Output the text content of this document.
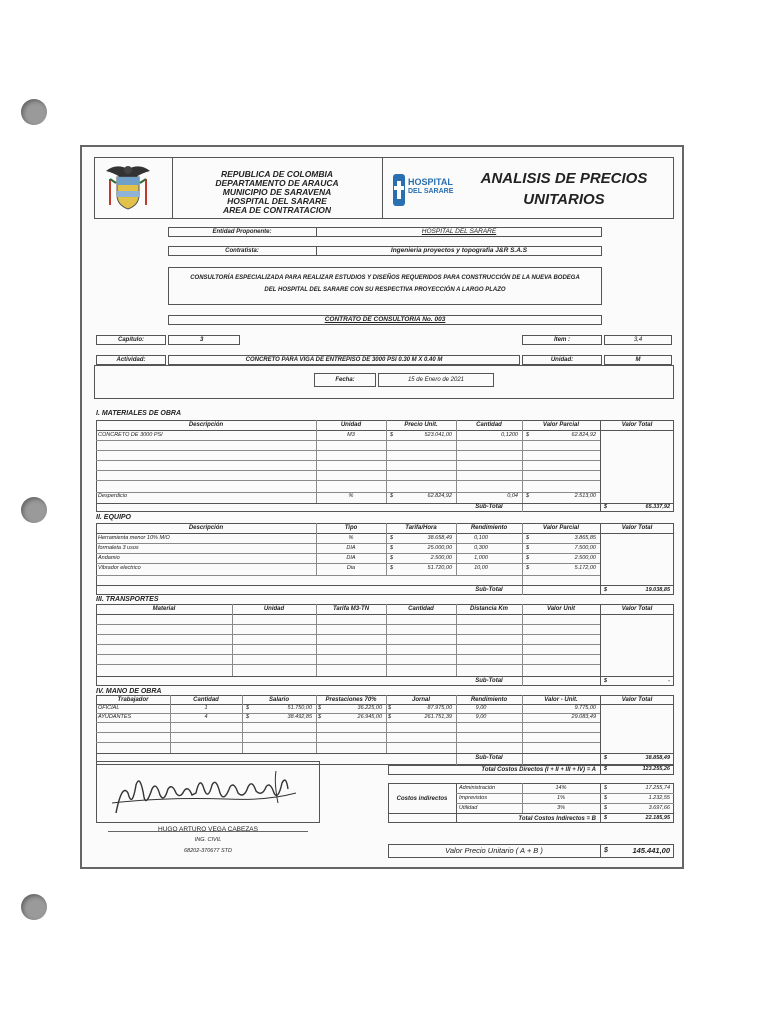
REPUBLICA DE COLOMBIA
DEPARTAMENTO DE ARAUCA
MUNICIPIO DE SARAVENA
HOSPITAL DEL SARARE
AREA DE CONTRATACION
HOSPITAL
DEL SARARE
ANALISIS DE PRECIOS
UNITARIOS
Entidad Proponente:	HOSPITAL DEL SARARE
Contratista:	Ingenieria proyectos y topografia J&R S.A.S
CONSULTORÍA ESPECIALIZADA PARA REALIZAR ESTUDIOS Y DISEÑOS REQUERIDOS PARA CONSTRUCCIÓN DE LA NUEVA BODEGA
DEL HOSPITAL DEL SARARE CON SU RESPECTIVA PROYECCIÓN A LARGO PLAZO
CONTRATO DE CONSULTORIA No. 003
Capítulo:	3	Ítem :	3,4
Actividad:	CONCRETO PARA VIGA DE ENTREPISO DE 3000 PSI 0.30 M X 0.40 M	Unidad:	M
Fecha:	15 de Enero de 2021
I. MATERIALES DE OBRA
Descripción	Unidad	Precio Unit.	Cantidad	Valor Parcial	Valor Total
CONCRETO DE 3000 PSI	M3	$	523.041,00	0,1200 $	62.824,92
Desperdicio	%	$	62.824,92	0,04 $	2.513,00
Sub-Total	$	65.337,92
II. EQUIPO
Descripción	Tipo	Tarifa/Hora	Rendimiento	Valor Parcial	Valor Total
Herramienta menor 10% M/O	%	$	38.658,49	0,100	$	3.865,85
formaleta 3 usos	DIA	$	25.000,00	0,300	$	7.500,00
Andamio	DIA	$	2.500,00	1,000	$	2.500,00
Vibrador electrico	Dia	$	51.720,00	10,00	$	5.172,00
Sub-Total	$	19.038,85
III. TRANSPORTES
Material	Unidad	Tarifa M3-TN	Cantidad	Distancia Km	Valor Unit	Valor Total
Sub-Total	$	-
IV. MANO DE OBRA
Trabajador	Cantidad	Salario	Prestaciones 70%	Jornal	Rendimiento	Valor - Unit.	Valor Total
OFICIAL	1	$	51.750,00 $	36.225,00 $	87.975,00	9,00	9.775,00
AYUDANTES	4	$	38.492,85 $	26.945,00 $	261.751,39	9,00	29.083,49
Sub-Total	$	38.858,49
Total Costos Directos (I + II + III + IV) = A $	123.255,26
Costos indirectos
Administración	14%	$	17.255,74
Imprevistos	1%	$	1.232,55
Utilidad	3%	$	3.697,66
Total Costos Indirectos = B $	22.185,95
Valor Precio Unitario ( A + B )	$	145.441,00
HUGO ARTURO VEGA CABEZAS
ING. CIVIL
68202-370677 STD
